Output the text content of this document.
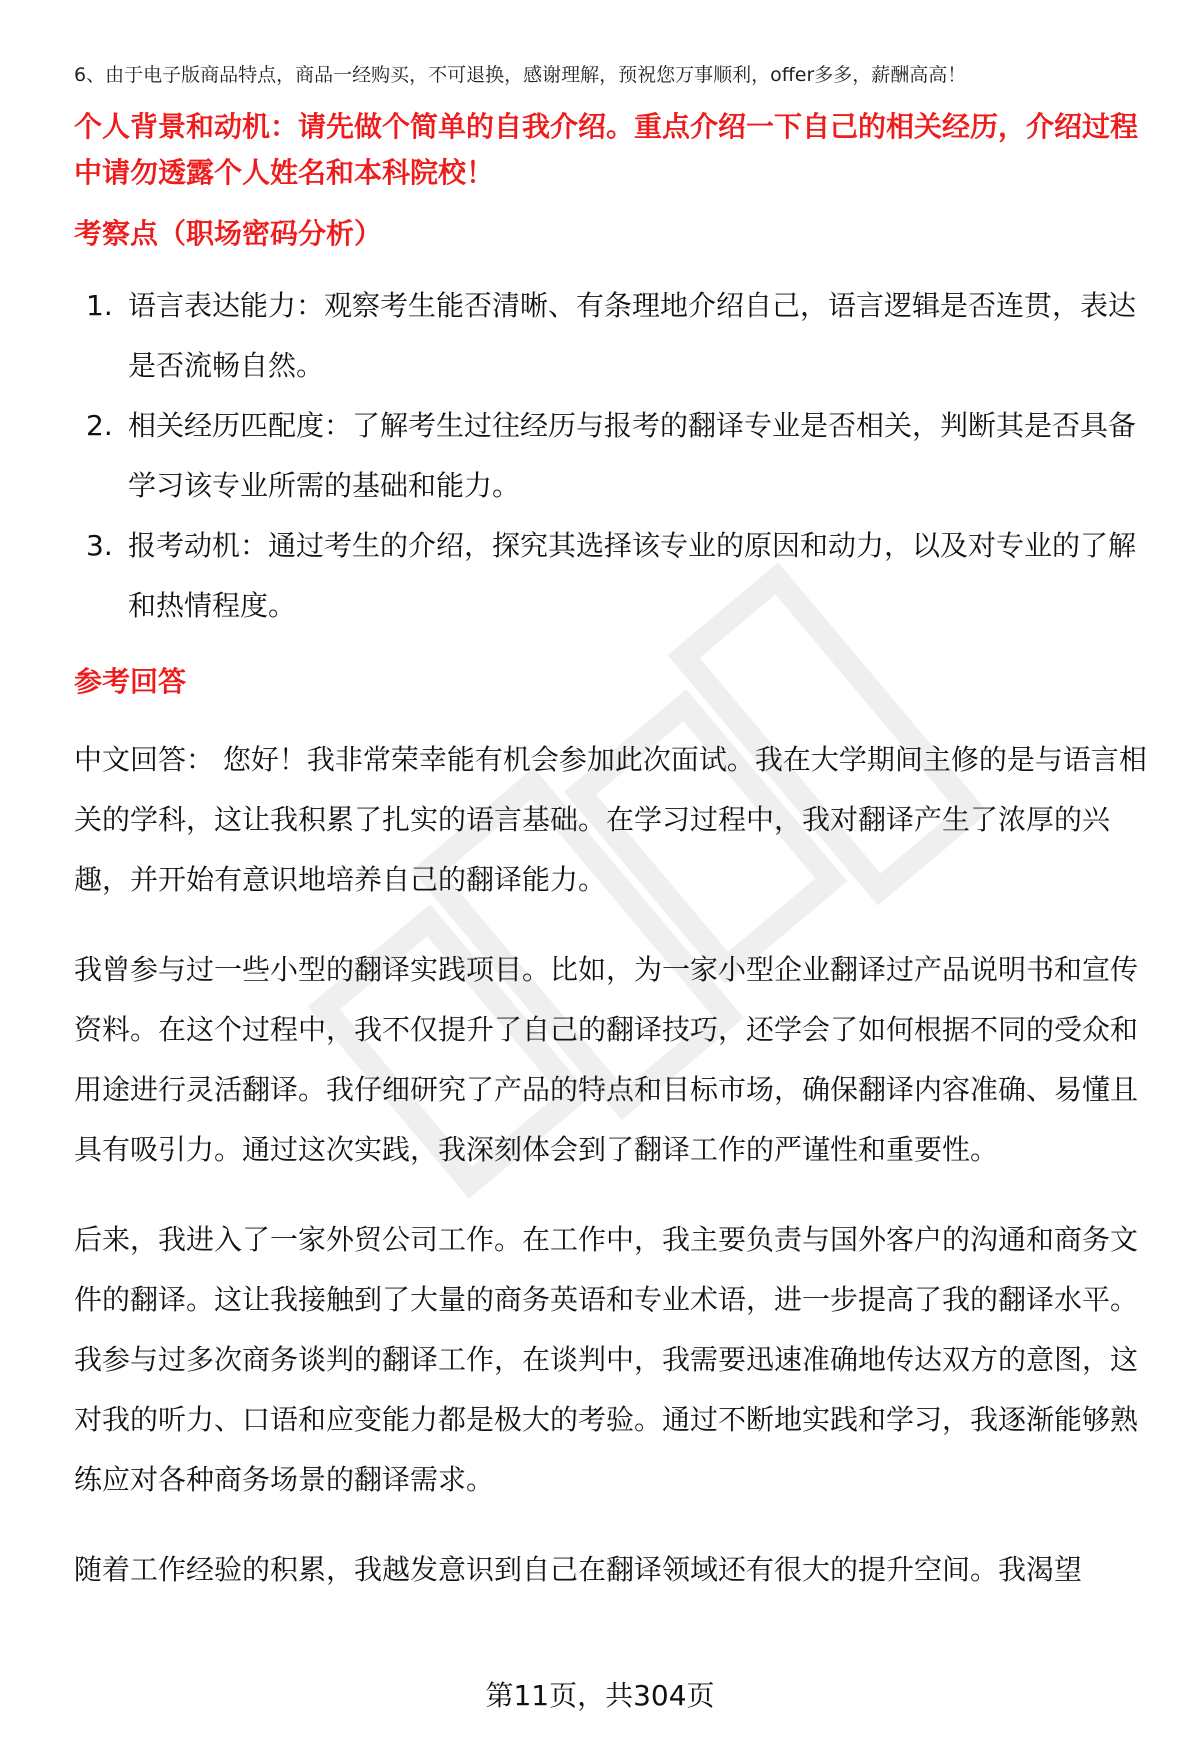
6、由于电子版商品特点，商品一经购买，不可退换，感谢理解，预祝您万事顺利，offer多多，薪酬高高！

个人背景和动机：请先做个简单的自我介绍。重点介绍一下自己的相关经历，介绍过程中请勿透露个人姓名和本科院校！

考察点（职场密码分析）

1. 语言表达能力：观察考生能否清晰、有条理地介绍自己，语言逻辑是否连贯，表达是否流畅自然。
2. 相关经历匹配度：了解考生过往经历与报考的翻译专业是否相关，判断其是否具备学习该专业所需的基础和能力。
3. 报考动机：通过考生的介绍，探究其选择该专业的原因和动力，以及对专业的了解和热情程度。

参考回答

中文回答： 您好！我非常荣幸能有机会参加此次面试。我在大学期间主修的是与语言相关的学科，这让我积累了扎实的语言基础。在学习过程中，我对翻译产生了浓厚的兴趣，并开始有意识地培养自己的翻译能力。

我曾参与过一些小型的翻译实践项目。比如，为一家小型企业翻译过产品说明书和宣传资料。在这个过程中，我不仅提升了自己的翻译技巧，还学会了如何根据不同的受众和用途进行灵活翻译。我仔细研究了产品的特点和目标市场，确保翻译内容准确、易懂且具有吸引力。通过这次实践，我深刻体会到了翻译工作的严谨性和重要性。

后来，我进入了一家外贸公司工作。在工作中，我主要负责与国外客户的沟通和商务文件的翻译。这让我接触到了大量的商务英语和专业术语，进一步提高了我的翻译水平。我参与过多次商务谈判的翻译工作，在谈判中，我需要迅速准确地传达双方的意图，这对我的听力、口语和应变能力都是极大的考验。通过不断地实践和学习，我逐渐能够熟练应对各种商务场景的翻译需求。

随着工作经验的积累，我越发意识到自己在翻译领域还有很大的提升空间。我渴望

第11页，共304页
